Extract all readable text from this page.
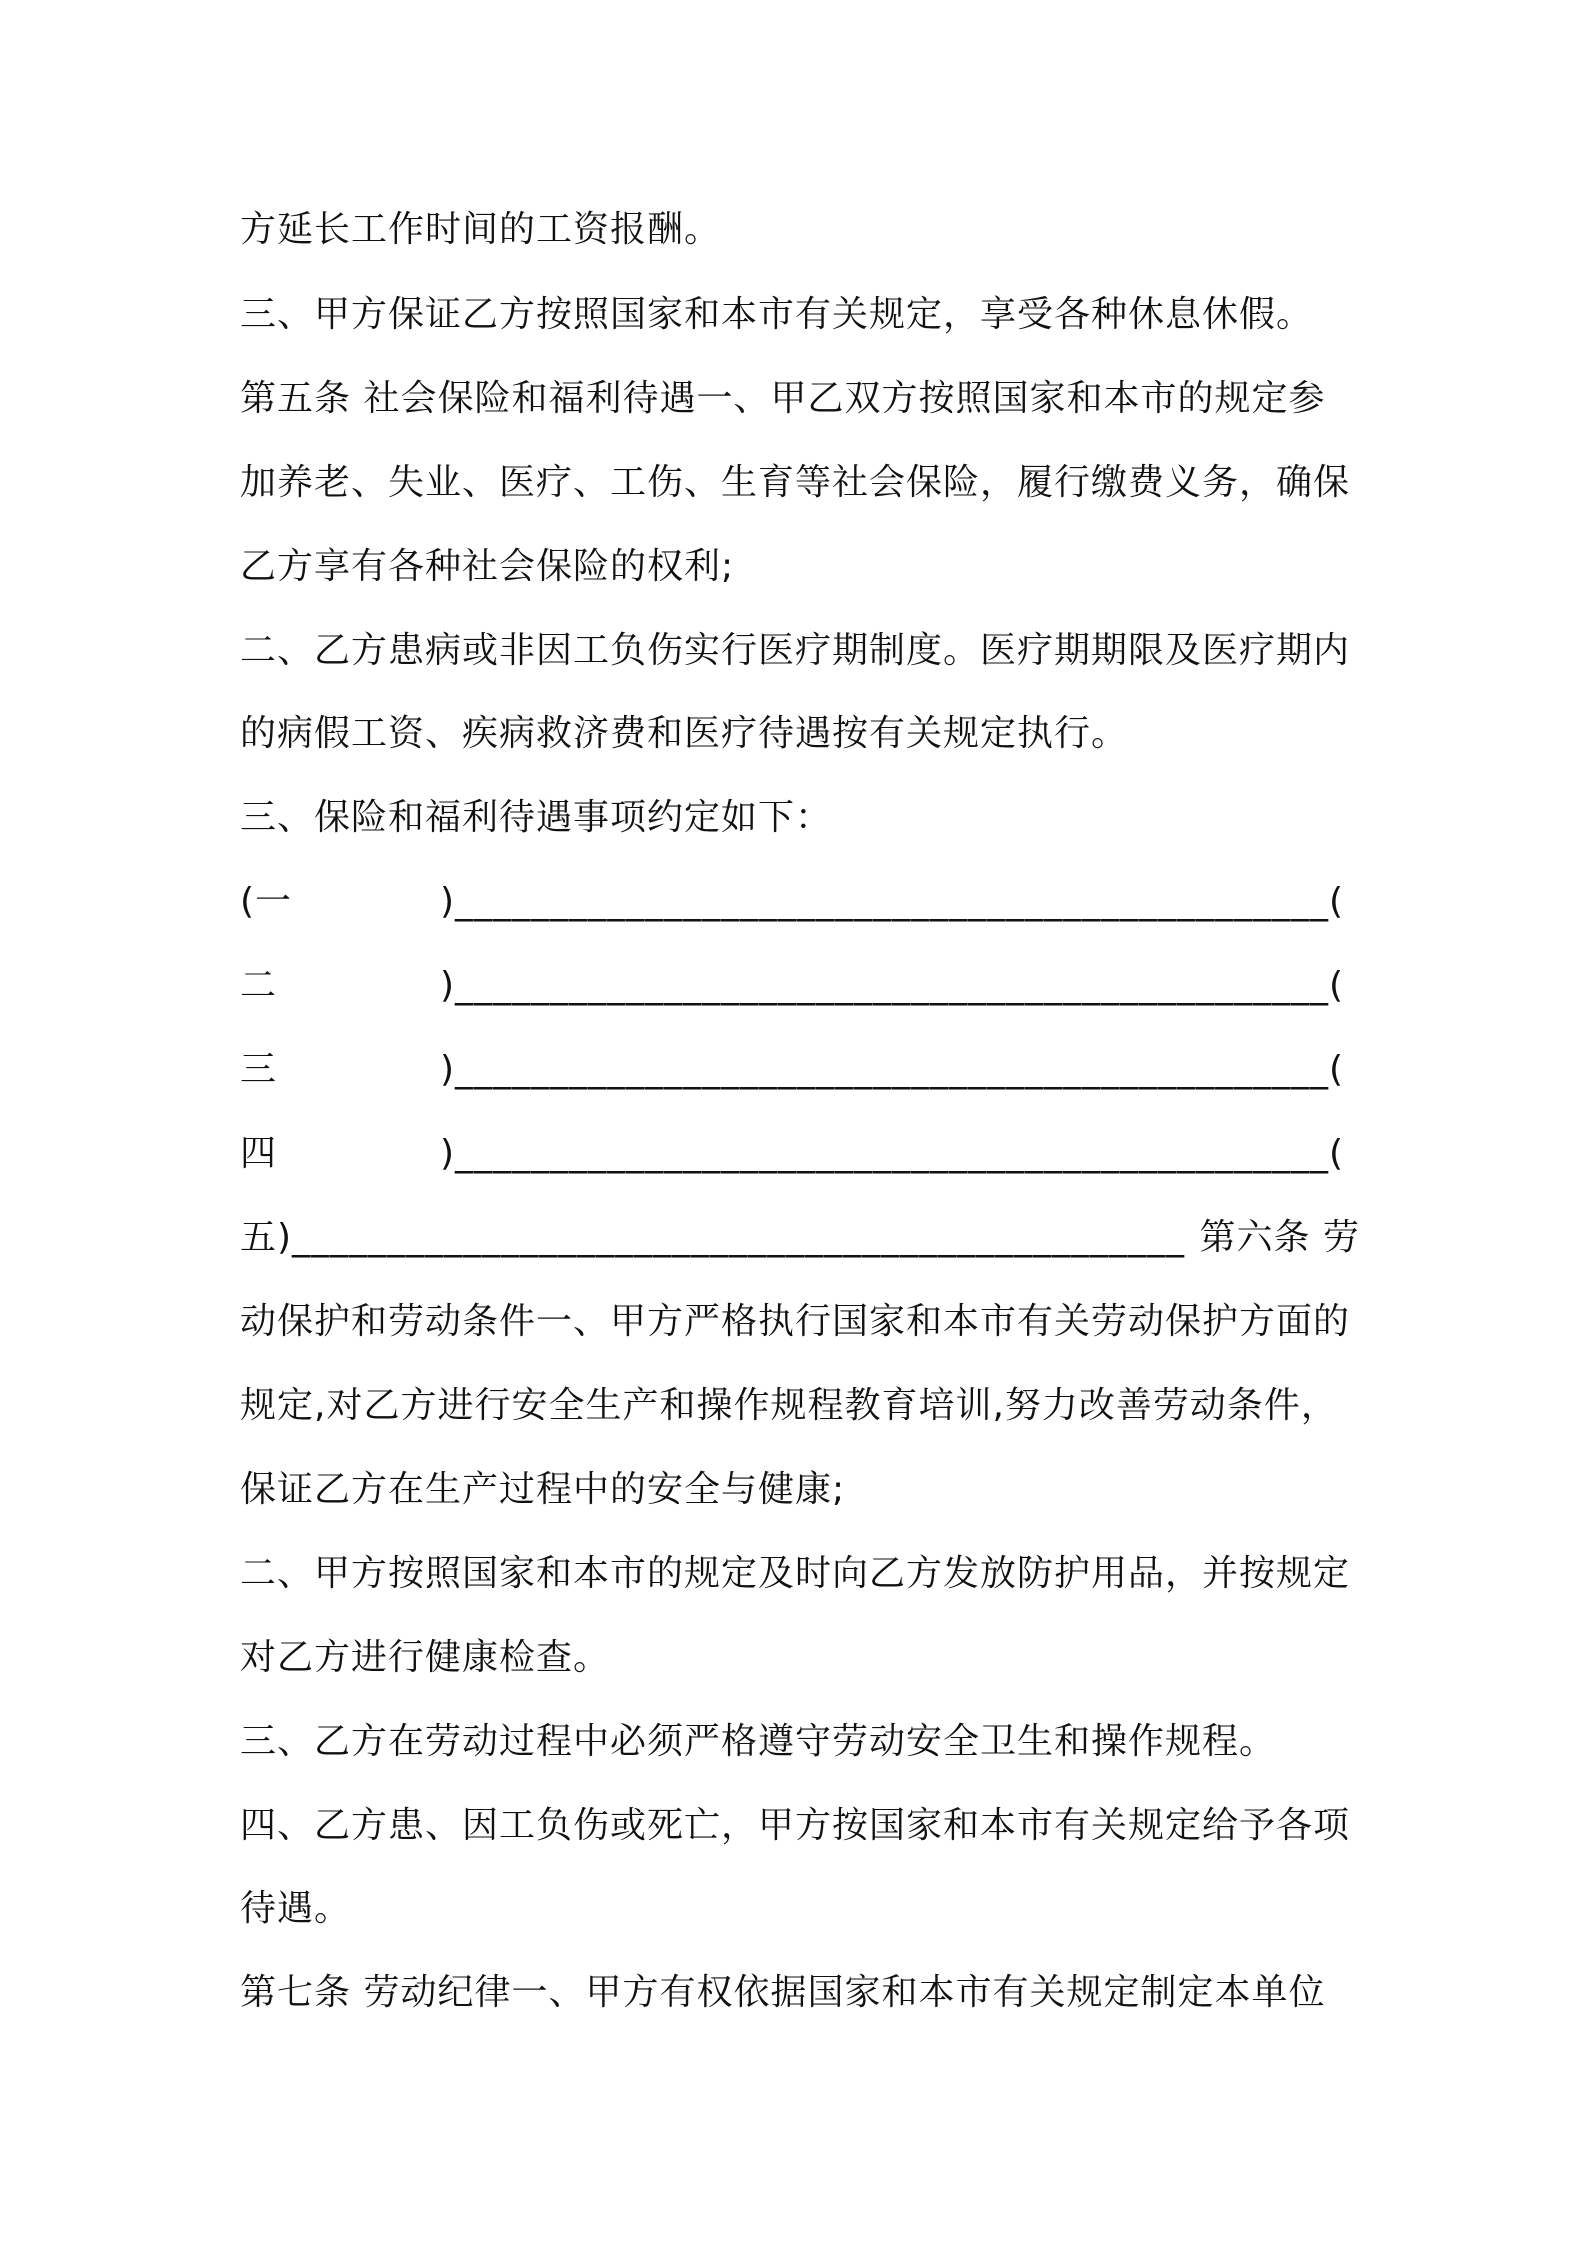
方延长工作时间的工资报酬。
三、甲方保证乙方按照国家和本市有关规定，享受各种休息休假。
第五条 社会保险和福利待遇一、甲乙双方按照国家和本市的规定参
加养老、失业、医疗、工伤、生育等社会保险，履行缴费义务，确保
乙方享有各种社会保险的权利;
二、乙方患病或非因工负伤实行医疗期制度。医疗期期限及医疗期内
的病假工资、疾病救济费和医疗待遇按有关规定执行。
三、保险和福利待遇事项约定如下：
(一	)______________________________________________(
二	)______________________________________________(
三	)______________________________________________(
四	)______________________________________________(
五)_______________________________________________ 第六条 劳
动保护和劳动条件一、甲方严格执行国家和本市有关劳动保护方面的
规定,对乙方进行安全生产和操作规程教育培训,努力改善劳动条件，
保证乙方在生产过程中的安全与健康;
二、甲方按照国家和本市的规定及时向乙方发放防护用品，并按规定
对乙方进行健康检查。
三、乙方在劳动过程中必须严格遵守劳动安全卫生和操作规程。
四、乙方患、因工负伤或死亡，甲方按国家和本市有关规定给予各项
待遇。
第七条 劳动纪律一、甲方有权依据国家和本市有关规定制定本单位
